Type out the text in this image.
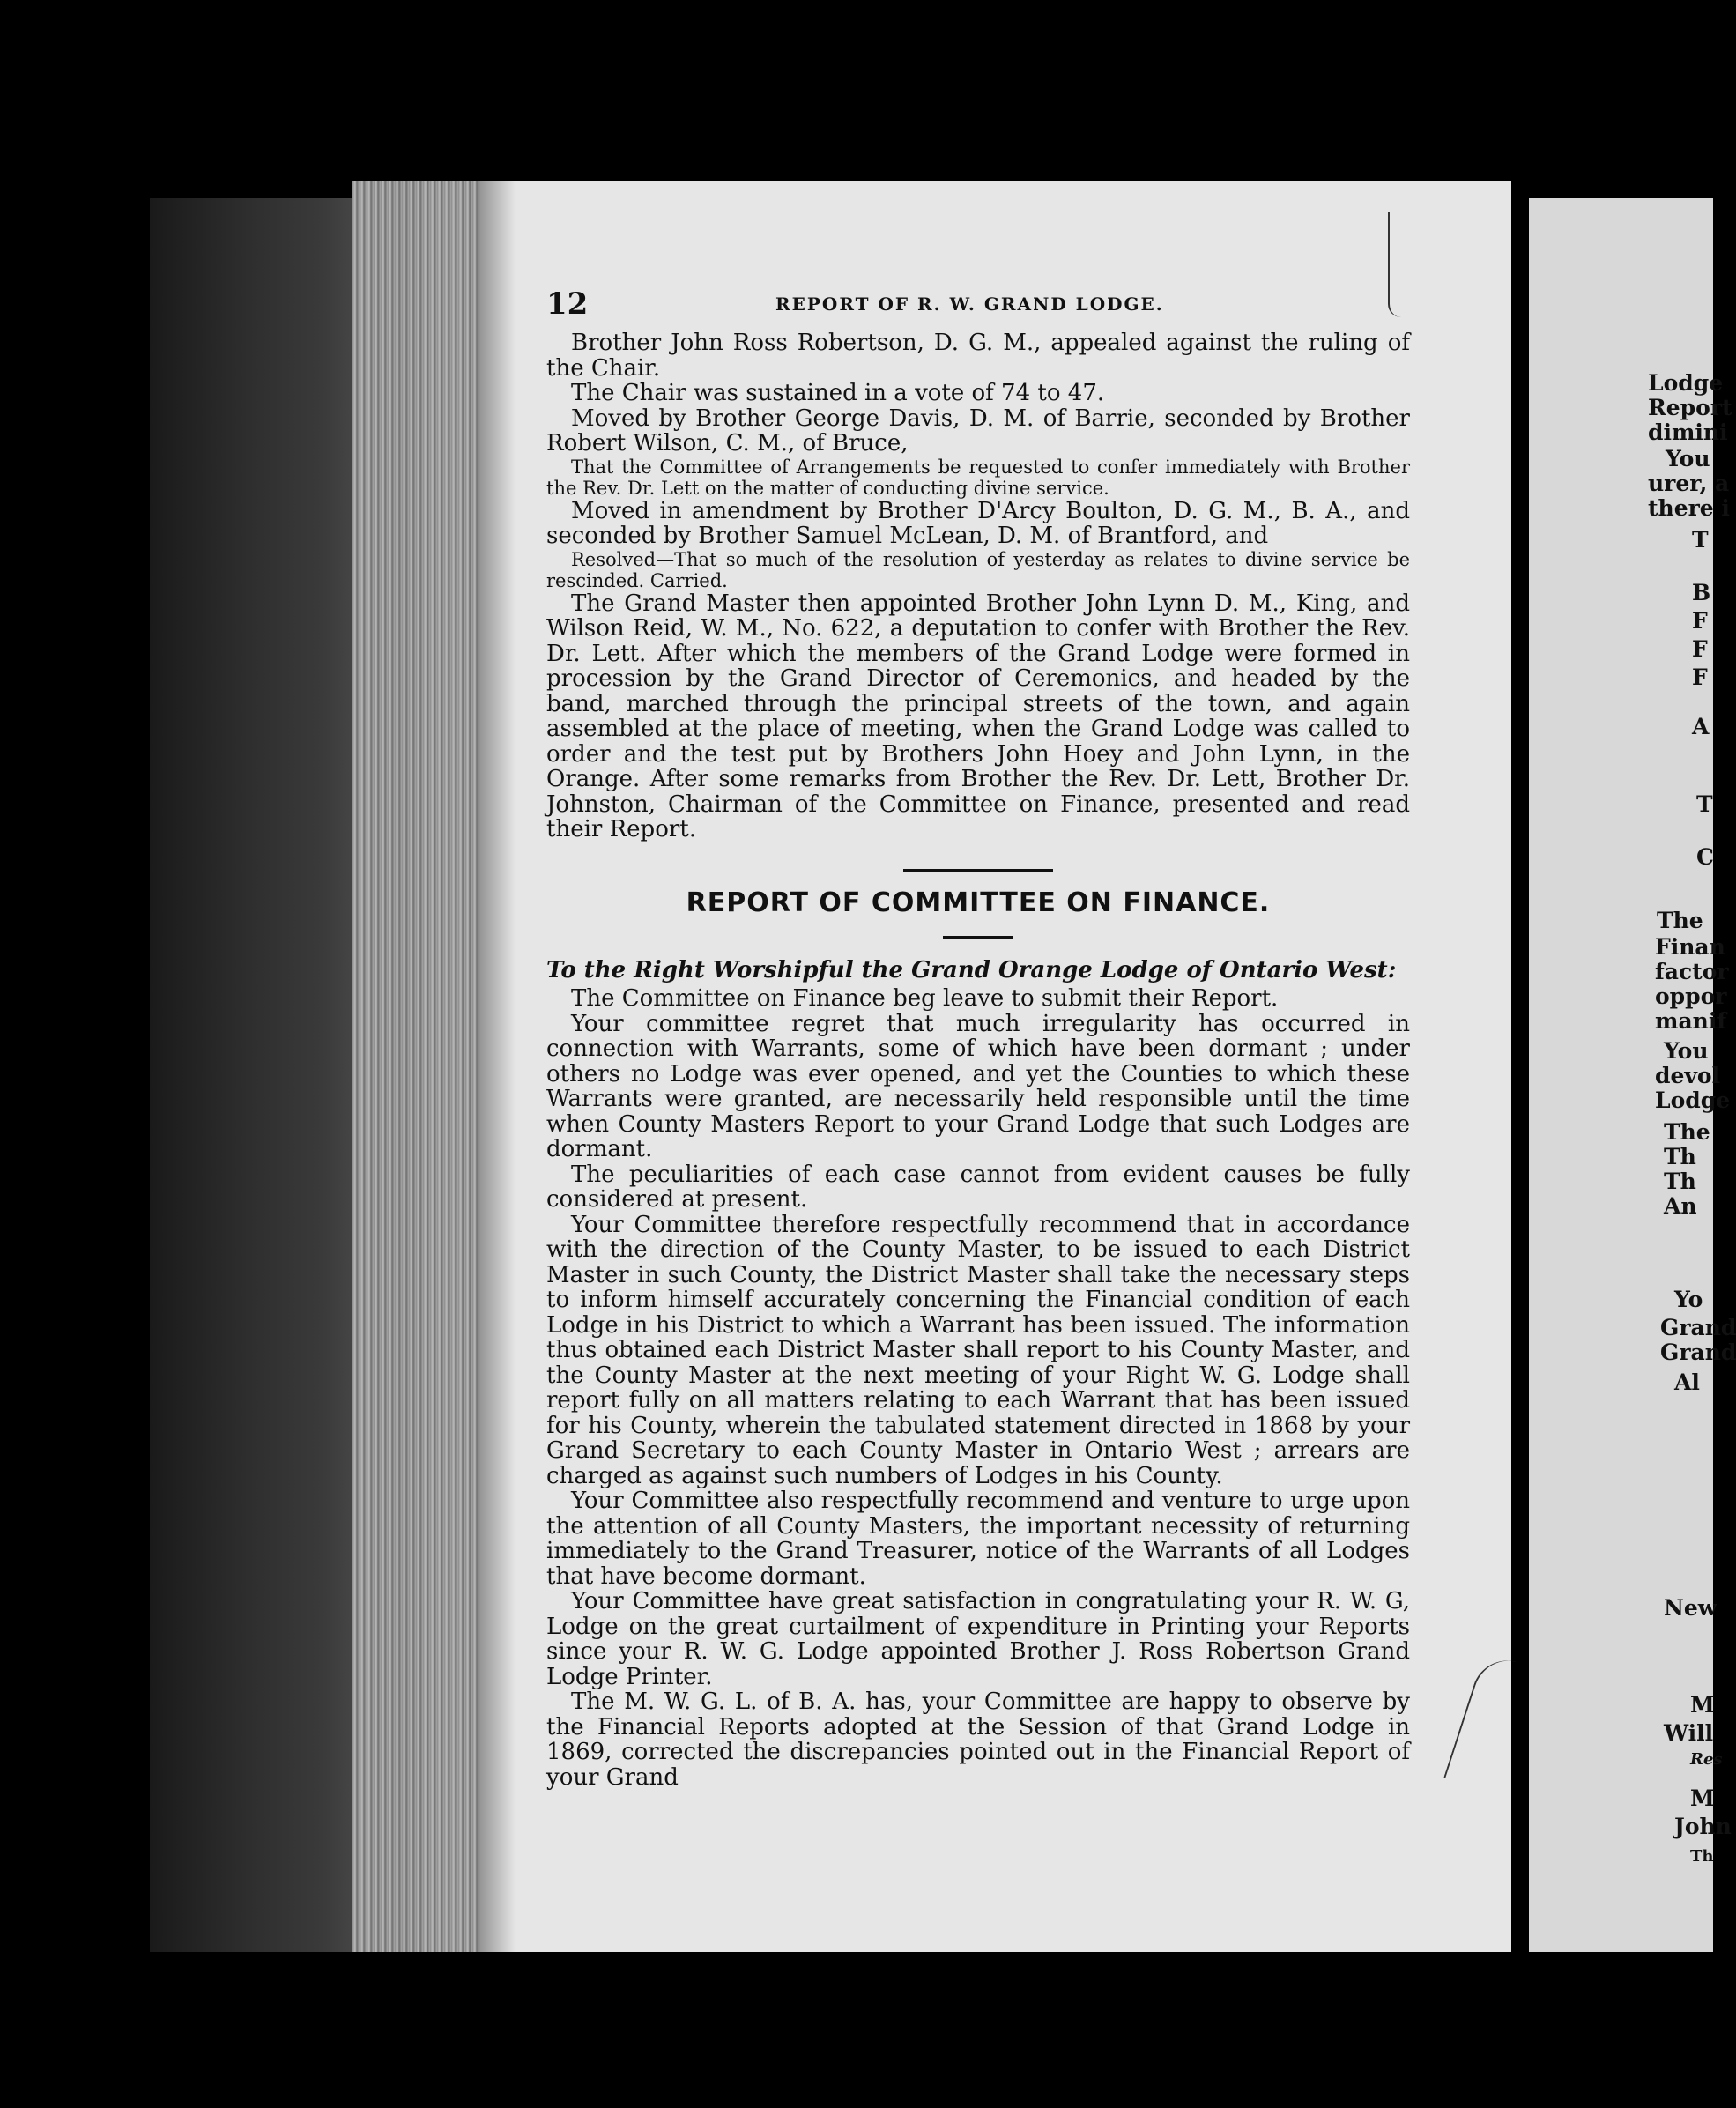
12	REPORT OF R. W. GRAND LODGE.

Brother John Ross Robertson, D. G. M., appealed against the ruling of the Chair.

The Chair was sustained in a vote of 74 to 47.

Moved by Brother George Davis, D. M. of Barrie, seconded by Brother Robert Wilson, C. M., of Bruce,

That the Committee of Arrangements be requested to confer immediately with Brother the Rev. Dr. Lett on the matter of conducting divine service.

Moved in amendment by Brother D'Arcy Boulton, D. G. M., B. A., and seconded by Brother Samuel McLean, D. M. of Brantford, and

Resolved—That so much of the resolution of yesterday as relates to divine service be rescinded. Carried.

The Grand Master then appointed Brother John Lynn D. M., King, and Wilson Reid, W. M., No. 622, a deputation to confer with Brother the Rev. Dr. Lett. After which the members of the Grand Lodge were formed in procession by the Grand Director of Ceremonics, and headed by the band, marched through the principal streets of the town, and again assembled at the place of meeting, when the Grand Lodge was called to order and the test put by Brothers John Hoey and John Lynn, in the Orange. After some remarks from Brother the Rev. Dr. Lett, Brother Dr. Johnston, Chairman of the Committee on Finance, presented and read their Report.

REPORT OF COMMITTEE ON FINANCE.

To the Right Worshipful the Grand Orange Lodge of Ontario West:

The Committee on Finance beg leave to submit their Report.

Your committee regret that much irregularity has occurred in connection with Warrants, some of which have been dormant ; under others no Lodge was ever opened, and yet the Counties to which these Warrants were granted, are necessarily held responsible until the time when County Masters Report to your Grand Lodge that such Lodges are dormant.

The peculiarities of each case cannot from evident causes be fully considered at present.

Your Committee therefore respectfully recommend that in accordance with the direction of the County Master, to be issued to each District Master in such County, the District Master shall take the necessary steps to inform himself accurately concerning the Financial condition of each Lodge in his District to which a Warrant has been issued. The information thus obtained each District Master shall report to his County Master, and the County Master at the next meeting of your Right W. G. Lodge shall report fully on all matters relating to each Warrant that has been issued for his County, wherein the tabulated statement directed in 1868 by your Grand Secretary to each County Master in Ontario West ; arrears are charged as against such numbers of Lodges in his County.

Your Committee also respectfully recommend and venture to urge upon the attention of all County Masters, the important necessity of returning immediately to the Grand Treasurer, notice of the Warrants of all Lodges that have become dormant.

Your Committee have great satisfaction in congratulating your R. W. G, Lodge on the great curtailment of expenditure in Printing your Reports since your R. W. G. Lodge appointed Brother J. Ross Robertson Grand Lodge Printer.

The M. W. G. L. of B. A. has, your Committee are happy to observe by the Financial Reports adopted at the Session of that Grand Lodge in 1869, corrected the discrepancies pointed out in the Financial Report of your Grand

Lodge
Report
dimini
You
urer, a
there i
T
B
F
F
F
A
T
C
The
Finan
factor
oppor
manif
You
devol
Lodge
The
Th
Th
An
Yo
Grand
Grand
Al
New
M
Will
Res
M
John
Th
